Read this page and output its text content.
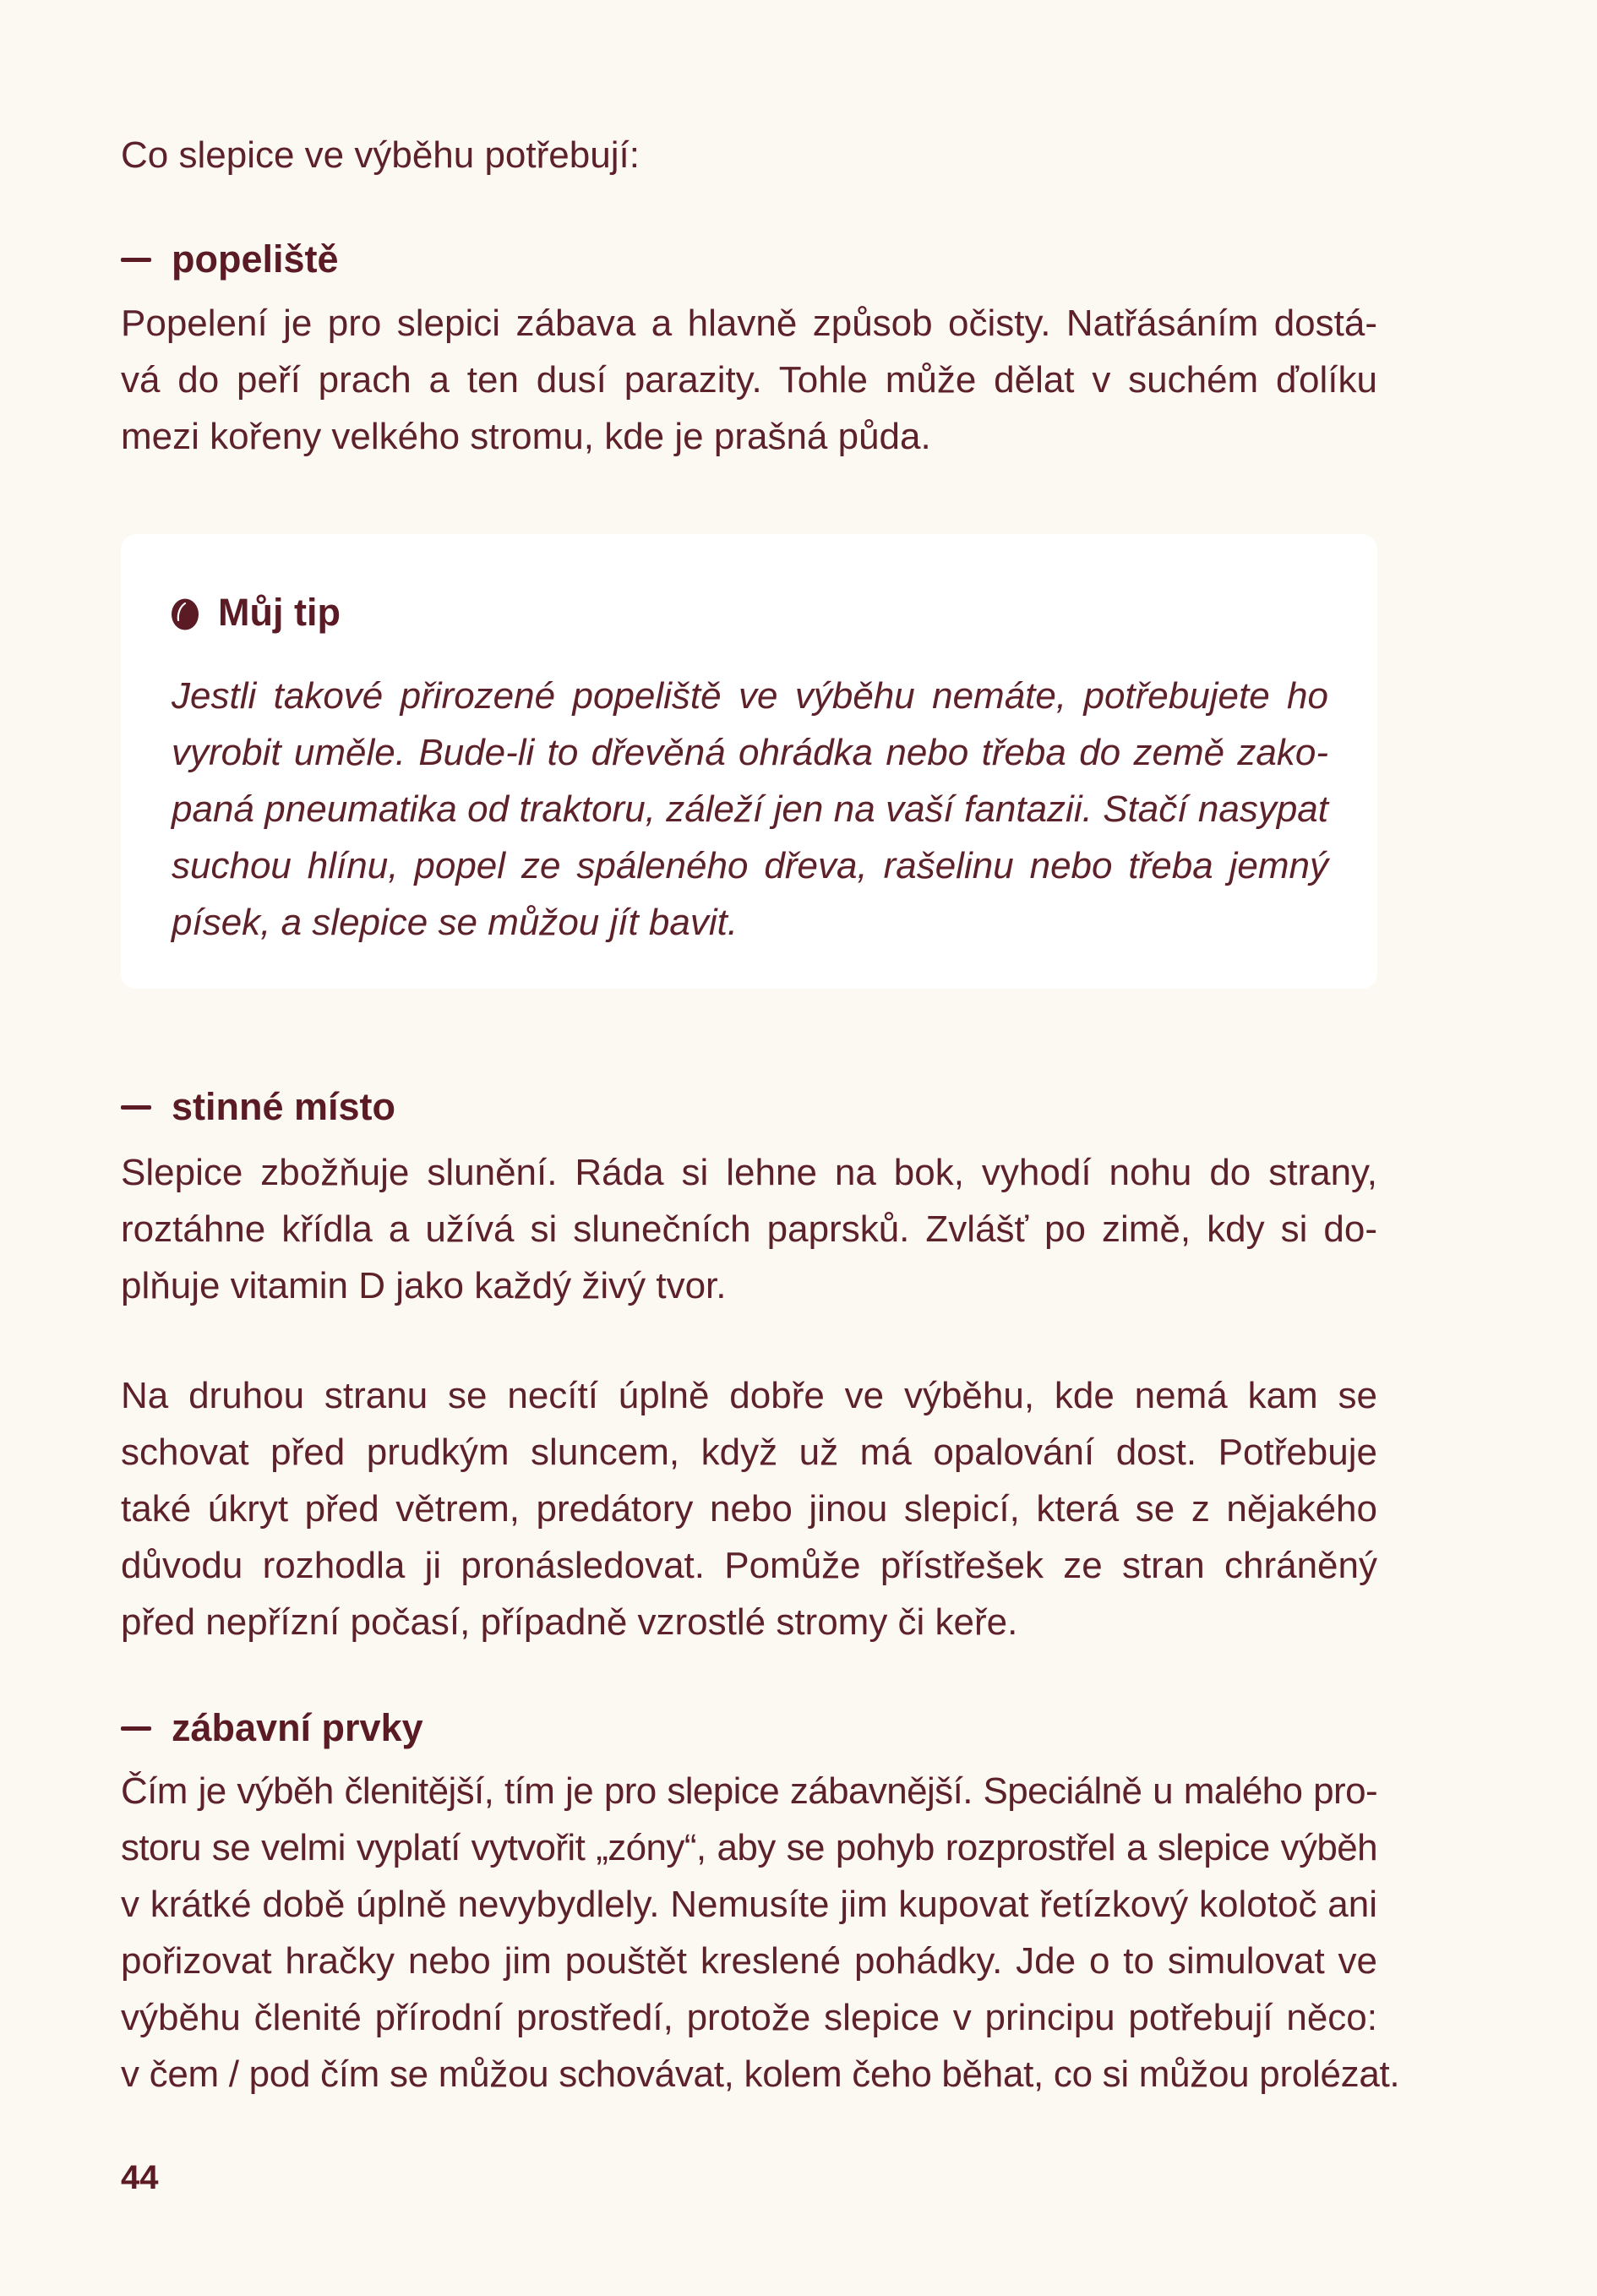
Co slepice ve výběhu potřebují:
popeliště
Popelení je pro slepici zábava a hlavně způsob očisty. Natřásáním dostá-
vá do peří prach a ten dusí parazity. Tohle může dělat v suchém ďolíku
mezi kořeny velkého stromu, kde je prašná půda.
Můj tip
Jestli takové přirozené popeliště ve výběhu nemáte, potřebujete ho
vyrobit uměle. Bude-li to dřevěná ohrádka nebo třeba do země zako-
paná pneumatika od traktoru, záleží jen na vaší fantazii. Stačí nasypat
suchou hlínu, popel ze spáleného dřeva, rašelinu nebo třeba jemný
písek, a slepice se můžou jít bavit.
stinné místo
Slepice zbožňuje slunění. Ráda si lehne na bok, vyhodí nohu do strany,
roztáhne křídla a užívá si slunečních paprsků. Zvlášť po zimě, kdy si do-
plňuje vitamin D jako každý živý tvor.
Na druhou stranu se necítí úplně dobře ve výběhu, kde nemá kam se
schovat před prudkým sluncem, když už má opalování dost. Potřebuje
také úkryt před větrem, predátory nebo jinou slepicí, která se z nějakého
důvodu rozhodla ji pronásledovat. Pomůže přístřešek ze stran chráněný
před nepřízní počasí, případně vzrostlé stromy či keře.
zábavní prvky
Čím je výběh členitější, tím je pro slepice zábavnější. Speciálně u malého pro-
storu se velmi vyplatí vytvořit „zóny“, aby se pohyb rozprostřel a slepice výběh
v krátké době úplně nevybydlely. Nemusíte jim kupovat řetízkový kolotoč ani
pořizovat hračky nebo jim pouštět kreslené pohádky. Jde o to simulovat ve
výběhu členité přírodní prostředí, protože slepice v principu potřebují něco:
v čem / pod čím se můžou schovávat, kolem čeho běhat, co si můžou prolézat.
44
